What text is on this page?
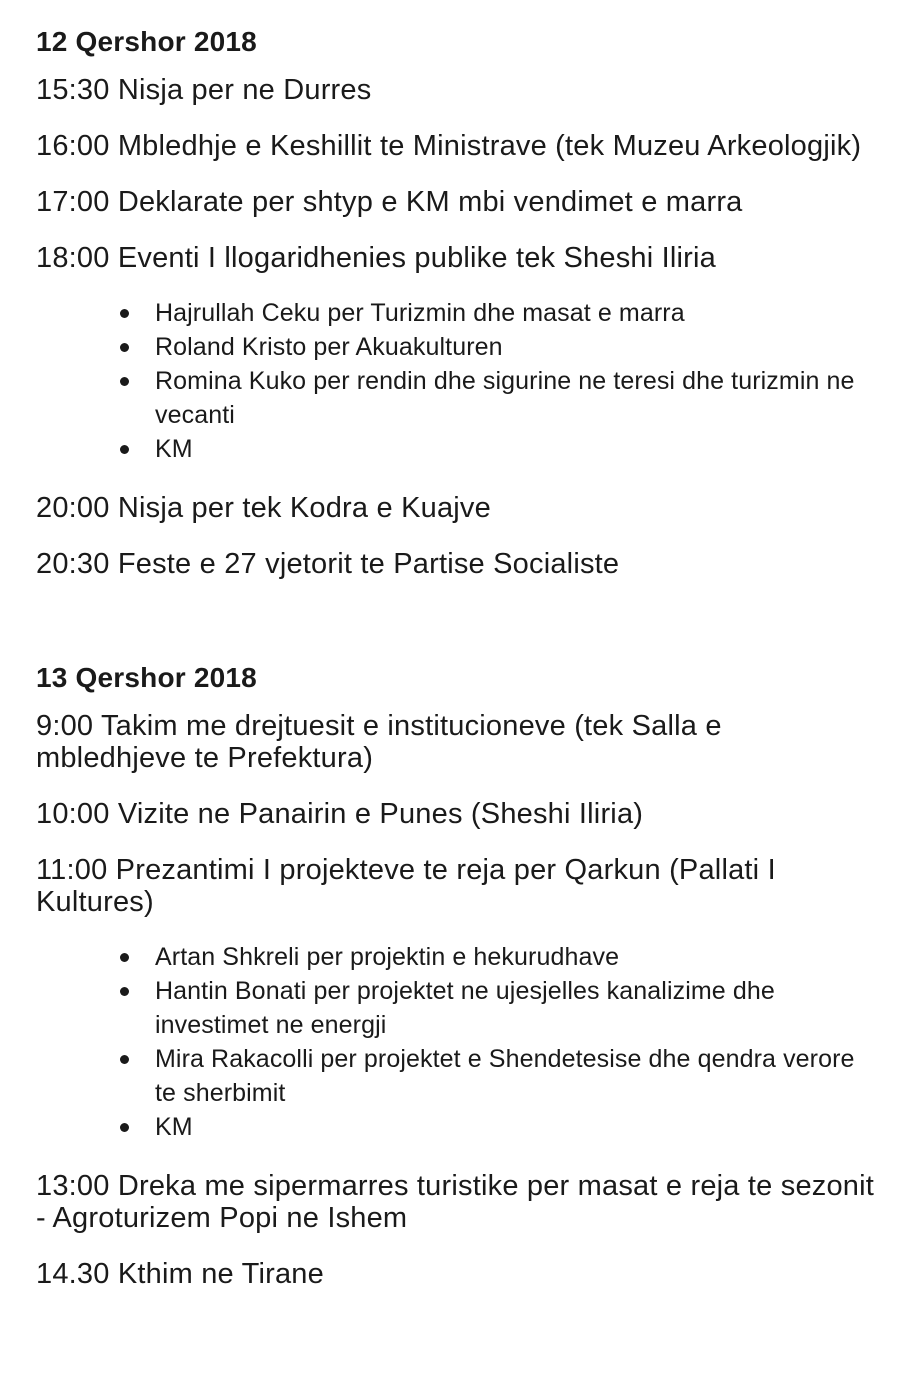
12 Qershor 2018
15:30 Nisja per ne Durres
16:00 Mbledhje e Keshillit te Ministrave (tek Muzeu Arkeologjik)
17:00 Deklarate per shtyp e KM mbi vendimet e marra
18:00 Eventi I llogaridhenies publike tek Sheshi Iliria
Hajrullah Ceku per Turizmin dhe masat e marra
Roland Kristo per Akuakulturen
Romina Kuko per rendin dhe sigurine ne teresi dhe turizmin ne vecanti
KM
20:00 Nisja per tek Kodra e Kuajve
20:30 Feste e 27 vjetorit te Partise Socialiste
13 Qershor 2018
9:00 Takim me drejtuesit e institucioneve (tek Salla e mbledhjeve te Prefektura)
10:00 Vizite ne Panairin e Punes (Sheshi Iliria)
11:00 Prezantimi I projekteve te reja per Qarkun (Pallati I Kultures)
Artan Shkreli per projektin e hekurudhave
Hantin Bonati per projektet ne ujesjelles kanalizime dhe investimet ne energji
Mira Rakacolli per projektet e Shendetesise dhe qendra verore te sherbimit
KM
13:00 Dreka me sipermarres turistike per masat e reja te sezonit - Agroturizem Popi ne Ishem
14.30 Kthim ne Tirane
